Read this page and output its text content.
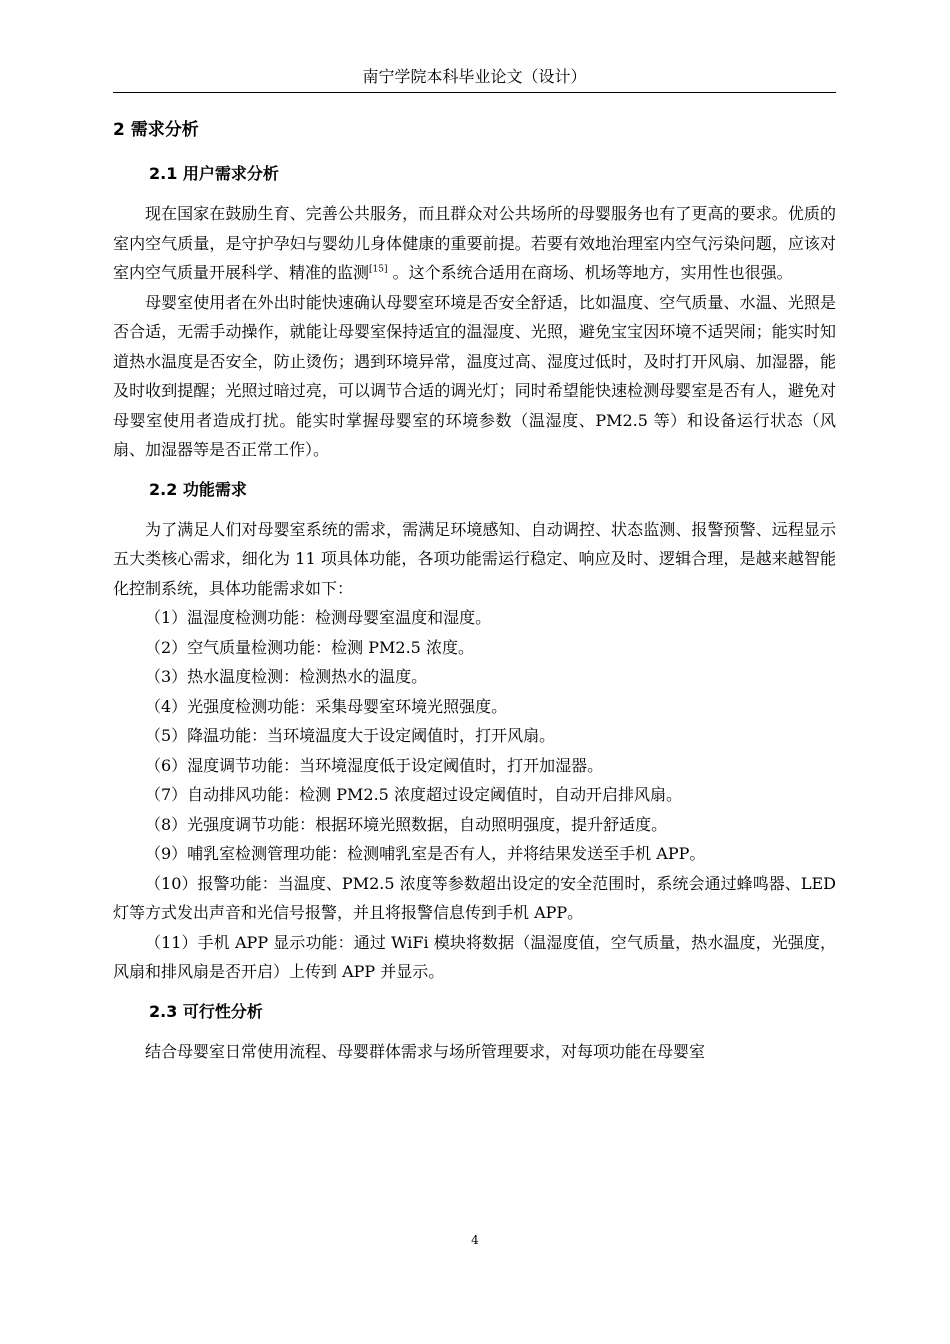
南宁学院本科毕业论文（设计）
2 需求分析
2.1 用户需求分析

现在国家在鼓励生育、完善公共服务，而且群众对公共场所的母婴服务也有了更高的要求。优质的室内空气质量，是守护孕妇与婴幼儿身体健康的重要前提。若要有效地治理室内空气污染问题，应该对室内空气质量开展科学、精准的监测[15] 。这个系统合适用在商场、机场等地方，实用性也很强。

母婴室使用者在外出时能快速确认母婴室环境是否安全舒适，比如温度、空气质量、水温、光照是否合适，无需手动操作，就能让母婴室保持适宜的温湿度、光照，避免宝宝因环境不适哭闹；能实时知道热水温度是否安全，防止烫伤；遇到环境异常，温度过高、湿度过低时，及时打开风扇、加湿器，能及时收到提醒；光照过暗过亮，可以调节合适的调光灯；同时希望能快速检测母婴室是否有人，避免对母婴室使用者造成打扰。能实时掌握母婴室的环境参数（温湿度、PM2.5 等）和设备运行状态（风扇、加湿器等是否正常工作）。

2.2 功能需求

为了满足人们对母婴室系统的需求，需满足环境感知、自动调控、状态监测、报警预警、远程显示五大类核心需求，细化为 11 项具体功能，各项功能需运行稳定、响应及时、逻辑合理，是越来越智能化控制系统，具体功能需求如下：

（1）温湿度检测功能：检测母婴室温度和湿度。

（2）空气质量检测功能：检测 PM2.5 浓度。

（3）热水温度检测：检测热水的温度。

（4）光强度检测功能：采集母婴室环境光照强度。

（5）降温功能：当环境温度大于设定阈值时，打开风扇。

（6）湿度调节功能：当环境湿度低于设定阈值时，打开加湿器。

（7）自动排风功能：检测 PM2.5 浓度超过设定阈值时，自动开启排风扇。

（8）光强度调节功能：根据环境光照数据，自动照明强度，提升舒适度。

（9）哺乳室检测管理功能：检测哺乳室是否有人，并将结果发送至手机 APP。

（10）报警功能：当温度、PM2.5 浓度等参数超出设定的安全范围时，系统会通过蜂鸣器、LED 灯等方式发出声音和光信号报警，并且将报警信息传到手机 APP。

（11）手机 APP 显示功能：通过 WiFi 模块将数据（温湿度值，空气质量，热水温度，光强度，风扇和排风扇是否开启）上传到 APP 并显示。

2.3 可行性分析

结合母婴室日常使用流程、母婴群体需求与场所管理要求，对每项功能在母婴室

4
